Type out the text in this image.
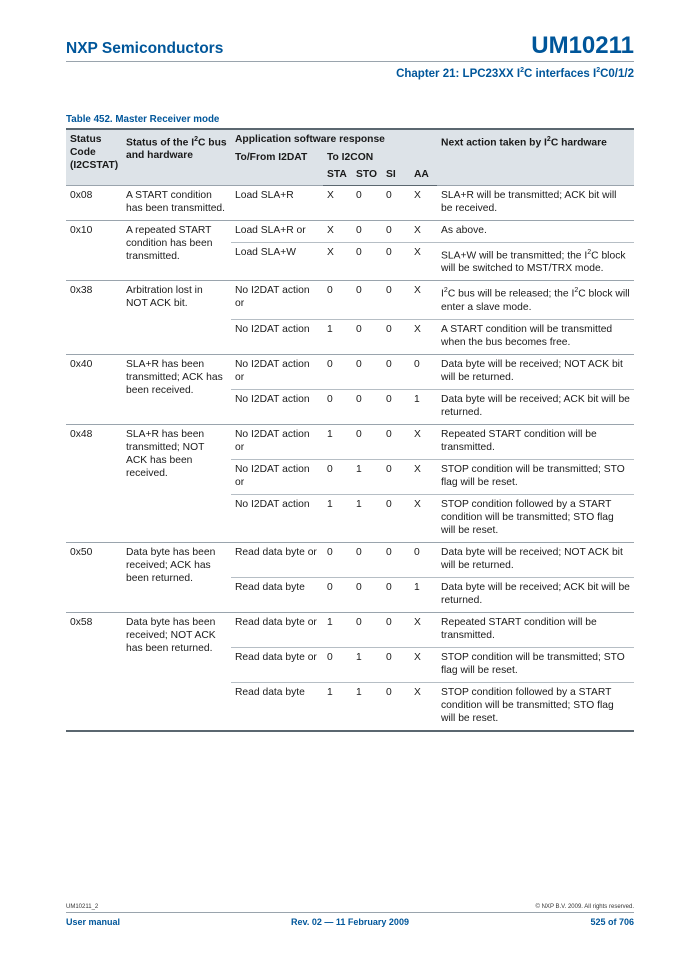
NXP Semiconductors	UM10211
Chapter 21: LPC23XX $I^2C$ interfaces $I^2C0/1/2$
Table 452. Master Receiver mode
Status Code (I2CSTAT)	Status of the $I^2C$ bus and hardware	Application software response					Next action taken by $I^2C$ hardware
		To/From I2DAT	To I2CON				
			STA	STO	SI	AA	
0x08	A START condition has been transmitted.	Load SLA+R	X	0	0	X	SLA+R will be transmitted; ACK bit will be received.
0x10	A repeated START condition has been transmitted.	Load SLA+R or	X	0	0	X	As above.
		Load SLA+W	X	0	0	X	SLA+W will be transmitted; the $I^2C$ block will be switched to MST/TRX mode.
0x38	Arbitration lost in NOT ACK bit.	No I2DAT action or	0	0	0	X	$I^2C$ bus will be released; the $I^2C$ block will enter a slave mode.
		No I2DAT action	1	0	0	X	A START condition will be transmitted when the bus becomes free.
0x40	SLA+R has been transmitted; ACK has been received.	No I2DAT action or	0	0	0	0	Data byte will be received; NOT ACK bit will be returned.
		No I2DAT action	0	0	0	1	Data byte will be received; ACK bit will be returned.
0x48	SLA+R has been transmitted; NOT ACK has been received.	No I2DAT action or	1	0	0	X	Repeated START condition will be transmitted.
		No I2DAT action or	0	1	0	X	STOP condition will be transmitted; STO flag will be reset.
		No I2DAT action	1	1	0	X	STOP condition followed by a START condition will be transmitted; STO flag will be reset.
0x50	Data byte has been received; ACK has been returned.	Read data byte or	0	0	0	0	Data byte will be received; NOT ACK bit will be returned.
		Read data byte	0	0	0	1	Data byte will be received; ACK bit will be returned.
0x58	Data byte has been received; NOT ACK has been returned.	Read data byte or	1	0	0	X	Repeated START condition will be transmitted.
		Read data byte or	0	1	0	X	STOP condition will be transmitted; STO flag will be reset.
		Read data byte	1	1	0	X	STOP condition followed by a START condition will be transmitted; STO flag will be reset.
UM10211_2	© NXP B.V. 2009. All rights reserved.
User manual	Rev. 02 — 11 February 2009	525 of 706
